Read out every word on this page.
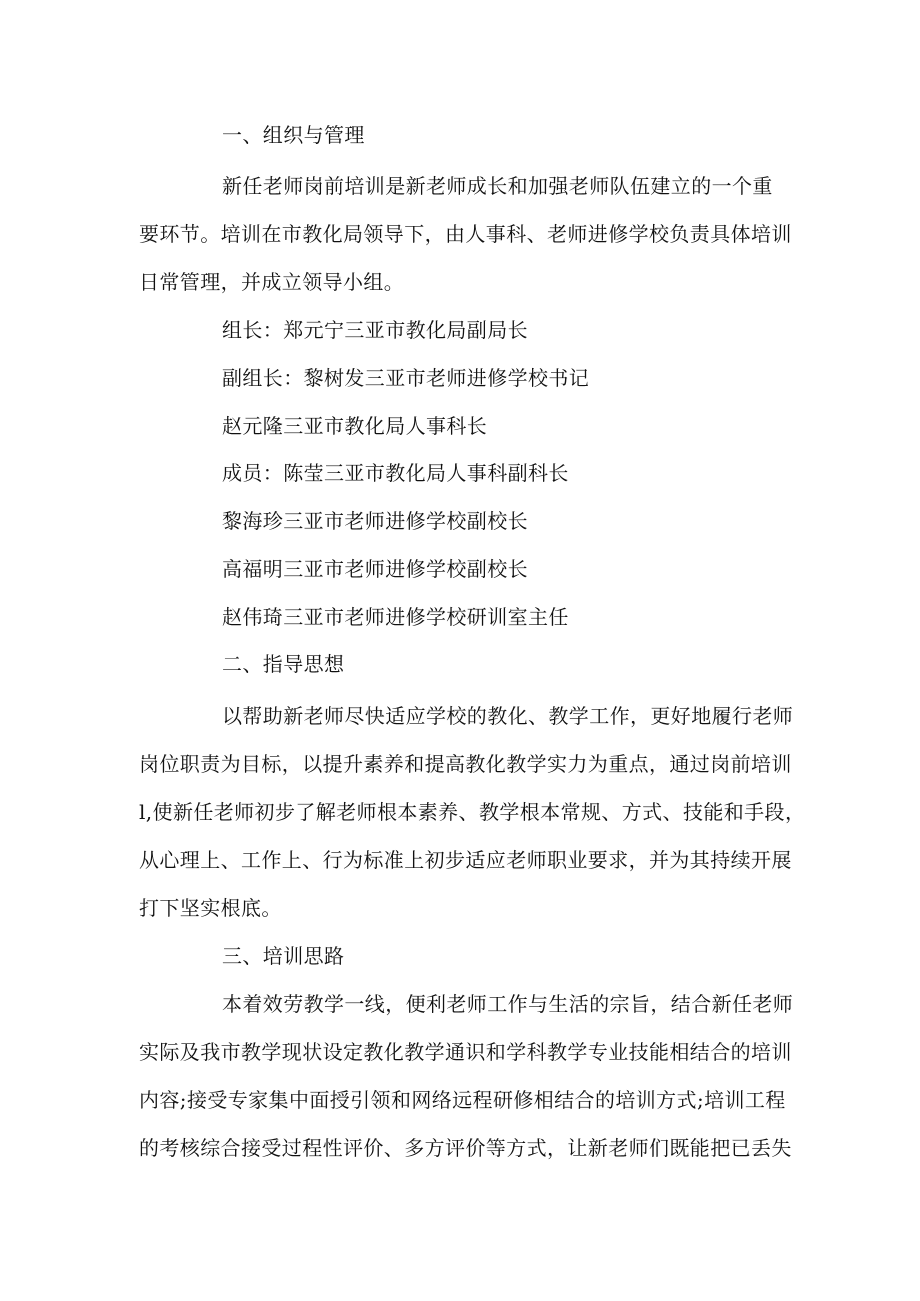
一、组织与管理
新任老师岗前培训是新老师成长和加强老师队伍建立的一个重
要环节。培训在市教化局领导下，由人事科、老师进修学校负责具体培训
日常管理，并成立领导小组。
组长：郑元宁三亚市教化局副局长
副组长：黎树发三亚市老师进修学校书记
赵元隆三亚市教化局人事科长
成员：陈莹三亚市教化局人事科副科长
黎海珍三亚市老师进修学校副校长
高福明三亚市老师进修学校副校长
赵伟琦三亚市老师进修学校研训室主任
二、指导思想
以帮助新老师尽快适应学校的教化、教学工作，更好地履行老师
岗位职责为目标，以提升素养和提高教化教学实力为重点，通过岗前培训
l,使新任老师初步了解老师根本素养、教学根本常规、方式、技能和手段，
从心理上、工作上、行为标准上初步适应老师职业要求，并为其持续开展
打下坚实根底。
三、培训思路
本着效劳教学一线，便利老师工作与生活的宗旨，结合新任老师
实际及我市教学现状设定教化教学通识和学科教学专业技能相结合的培训
内容;接受专家集中面授引领和网络远程研修相结合的培训方式;培训工程
的考核综合接受过程性评价、多方评价等方式，让新老师们既能把已丢失
